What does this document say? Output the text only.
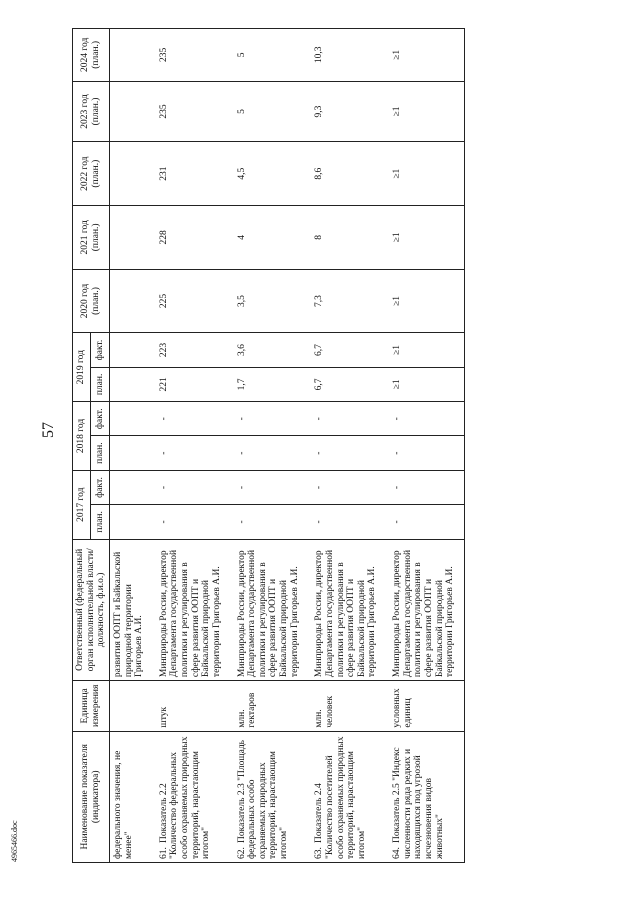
57
4965466.doc	Наименование показателя (индикатора)	Единица измерения	Ответственный (федеральный орган исполнительной власти/должность, ф.и.о.)	2017 год		2018 год		2019 год		2020 год (план.)	2021 год (план.)	2022 год (план.)	2023 год (план.)	2024 год (план.)
			план.	факт.	план.	факт.	план.	факт.					
федерального значения, не менее"		развития ООПТ и Байкальской природной территории Григорьев А.И.											
61.Показатель 2.2 "Количество федеральных особо охраняемых природных территорий, нарастающим итогом"	штук	Минприроды России, директор Департамента государственной политики и регулирования в сфере развития ООПТ и Байкальской природной территории Григорьев А.И.	-	-	-	-	221	223	225	228	231	235	235
62.Показатель 2.3 "Площадь федеральных особо охраняемых природных территорий, нарастающим итогом"	млн. гектаров	Минприроды России, директор Департамента государственной политики и регулирования в сфере развития ООПТ и Байкальской природной территории Григорьев А.И.	-	-	-	-	1,7	3,6	3,5	4	4,5	5	5
63.Показатель 2.4 "Количество посетителей особо охраняемых природных территорий, нарастающим итогом"	млн. человек	Минприроды России, директор Департамента государственной политики и регулирования в сфере развития ООПТ и Байкальской природной территории Григорьев А.И.	-	-	-	-	6,7	6,7	7,3	8	8,6	9,3	10,3
64.Показатель 2.5 "Индекс численности ряда редких и находящихся под угрозой исчезновения видов животных"	условных единиц	Минприроды России, директор Департамента государственной политики и регулирования в сфере развития ООПТ и Байкальской природной территории Григорьев А.И.	-	-	-	-	≥1	≥1	≥1	≥1	≥1	≥1	≥1
